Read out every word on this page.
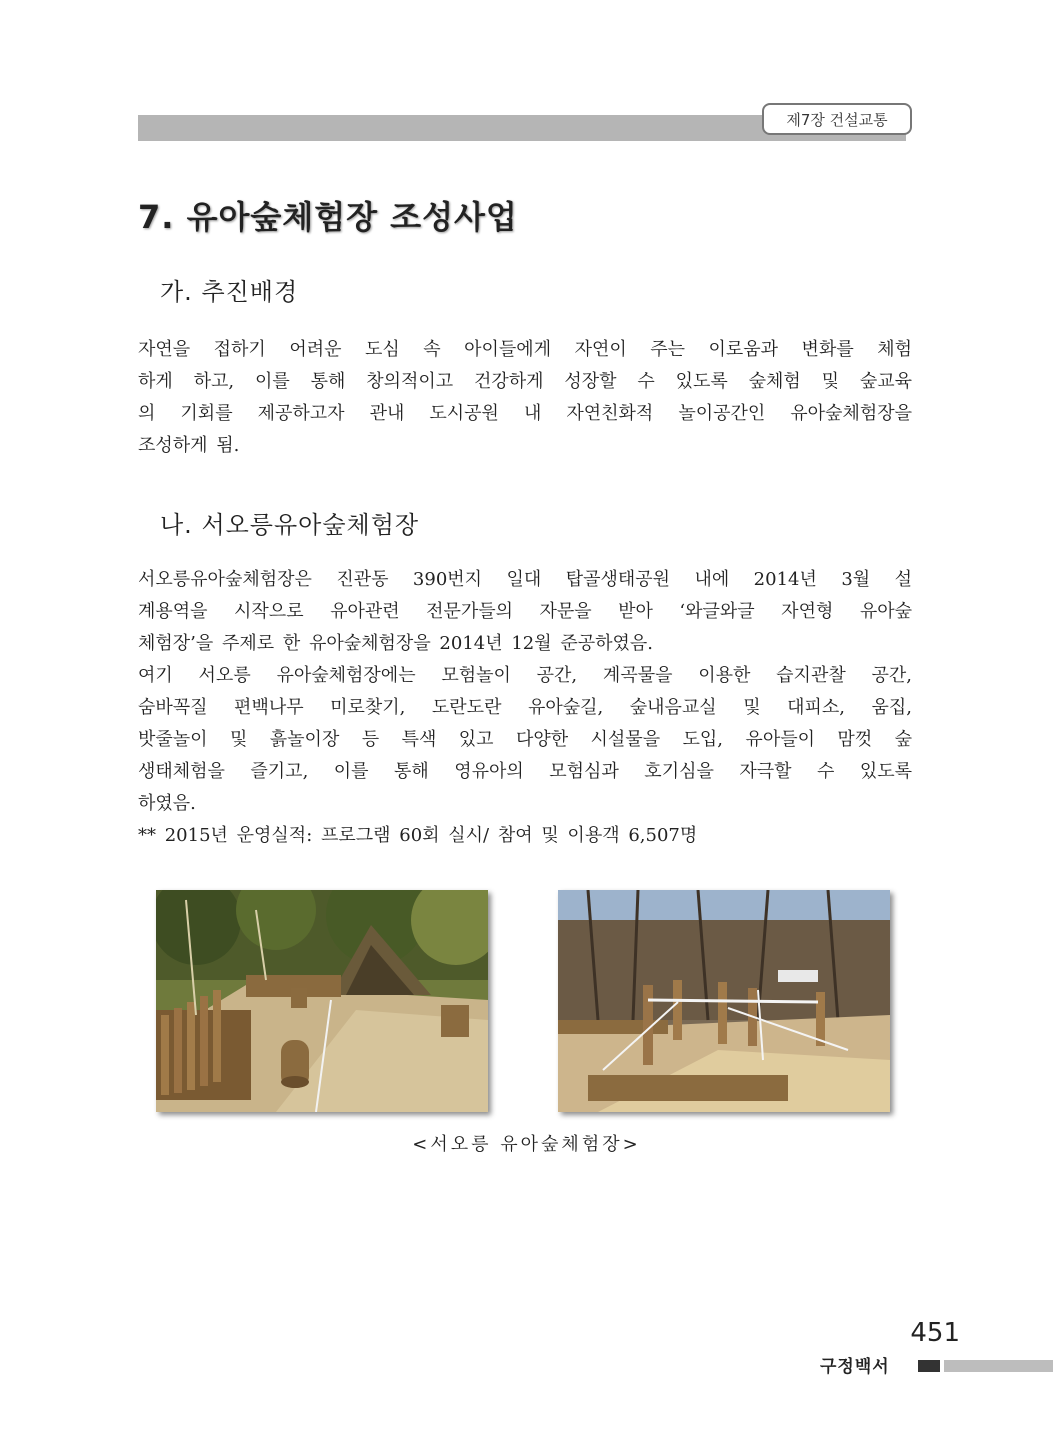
제7장 건설교통
7. 유아숲체험장 조성사업
가. 추진배경

자연을 접하기 어려운 도심 속 아이들에게 자연이 주는 이로움과 변화를 체험
하게 하고, 이를 통해 창의적이고 건강하게 성장할 수 있도록 숲체험 및 숲교육
의 기회를 제공하고자 관내 도시공원 내 자연친화적 놀이공간인 유아숲체험장을
조성하게 됨.

나. 서오릉유아숲체험장

서오릉유아숲체험장은 진관동 390번지 일대 탑골생태공원 내에 2014년 3월 설
계용역을 시작으로 유아관련 전문가들의 자문을 받아 ‘와글와글 자연형 유아숲
체험장’을 주제로 한 유아숲체험장을 2014년 12월 준공하였음.
여기 서오릉 유아숲체험장에는 모험놀이 공간, 계곡물을 이용한 습지관찰 공간,
숨바꼭질 편백나무 미로찾기, 도란도란 유아숲길, 숲내음교실 및 대피소, 움집,
밧줄놀이 및 흙놀이장 등 특색 있고 다양한 시설물을 도입, 유아들이 맘껏 숲
생태체험을 즐기고, 이를 통해 영유아의 모험심과 호기심을 자극할 수 있도록
하였음.
** 2015년 운영실적: 프로그램 60회 실시/ 참여 및 이용객 6,507명

<서오릉 유아숲체험장>
451
구정백서
